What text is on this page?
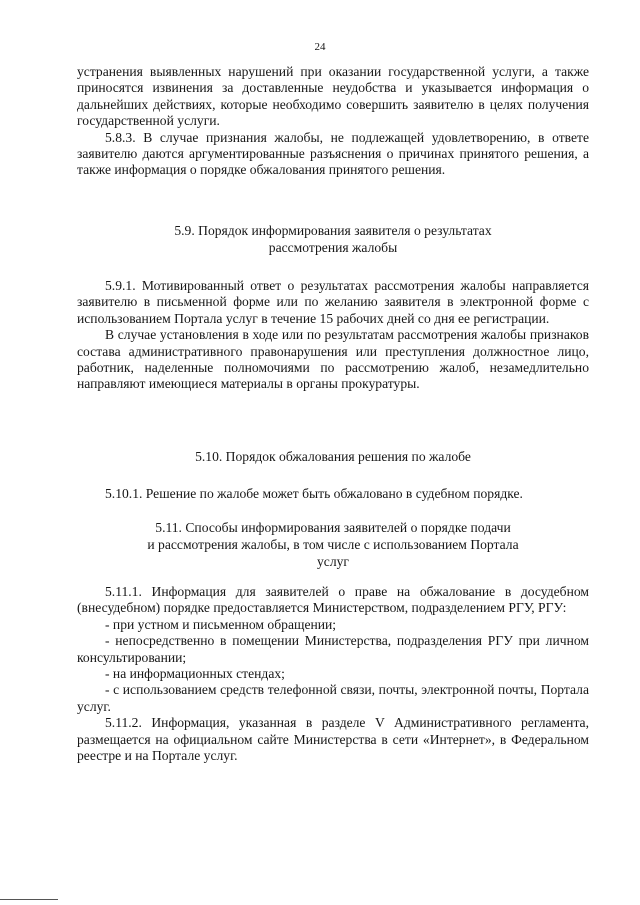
24

устранения выявленных нарушений при оказании государственной услуги, а также приносятся извинения за доставленные неудобства и указывается информация о дальнейших действиях, которые необходимо совершить заявителю в целях получения государственной услуги.

5.8.3. В случае признания жалобы, не подлежащей удовлетворению, в ответе заявителю даются аргументированные разъяснения о причинах принятого решения, а также информация о порядке обжалования принятого решения.

5.9. Порядок информирования заявителя о результатах
рассмотрения жалобы

5.9.1. Мотивированный ответ о результатах рассмотрения жалобы направляется заявителю в письменной форме или по желанию заявителя в электронной форме с использованием Портала услуг в течение 15 рабочих дней со дня ее регистрации.

В случае установления в ходе или по результатам рассмотрения жалобы признаков состава административного правонарушения или преступления должностное лицо, работник, наделенные полномочиями по рассмотрению жалоб, незамедлительно направляют имеющиеся материалы в органы прокуратуры.

5.10. Порядок обжалования решения по жалобе

5.10.1. Решение по жалобе может быть обжаловано в судебном порядке.

5.11. Способы информирования заявителей о порядке подачи
и рассмотрения жалобы, в том числе с использованием Портала
услуг

5.11.1. Информация для заявителей о праве на обжалование в досудебном (внесудебном) порядке предоставляется Министерством, подразделением РГУ, РГУ:

- при устном и письменном обращении;

- непосредственно в помещении Министерства, подразделения РГУ при личном консультировании;

- на информационных стендах;

- с использованием средств телефонной связи, почты, электронной почты, Портала услуг.

5.11.2. Информация, указанная в разделе V Административного регламента, размещается на официальном сайте Министерства в сети «Интернет», в Федеральном реестре и на Портале услуг.
